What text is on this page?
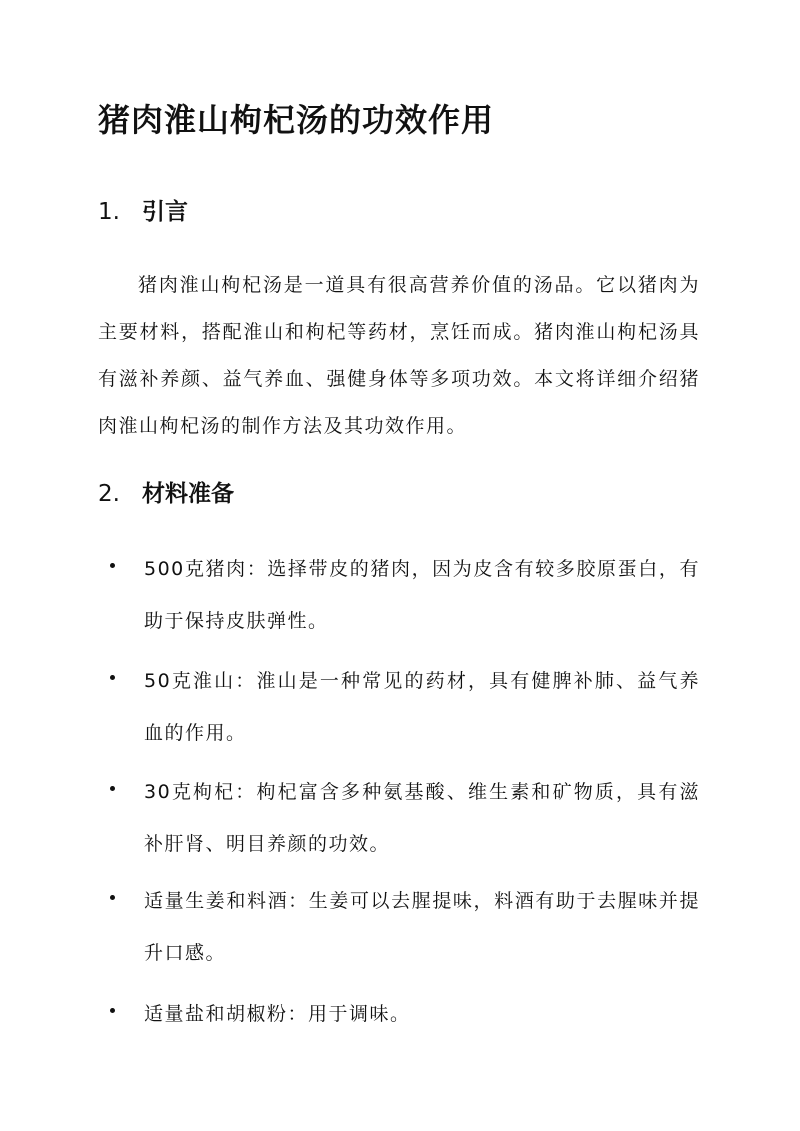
猪肉淮山枸杞汤的功效作用
1. 引言

猪肉淮山枸杞汤是一道具有很高营养价值的汤品。它以猪肉为主要材料，搭配淮山和枸杞等药材，烹饪而成。猪肉淮山枸杞汤具有滋补养颜、益气养血、强健身体等多项功效。本文将详细介绍猪肉淮山枸杞汤的制作方法及其功效作用。

2. 材料准备
500克猪肉：选择带皮的猪肉，因为皮含有较多胶原蛋白，有助于保持皮肤弹性。
50克淮山：淮山是一种常见的药材，具有健脾补肺、益气养血的作用。
30克枸杞：枸杞富含多种氨基酸、维生素和矿物质，具有滋补肝肾、明目养颜的功效。
适量生姜和料酒：生姜可以去腥提味，料酒有助于去腥味并提升口感。
适量盐和胡椒粉：用于调味。
